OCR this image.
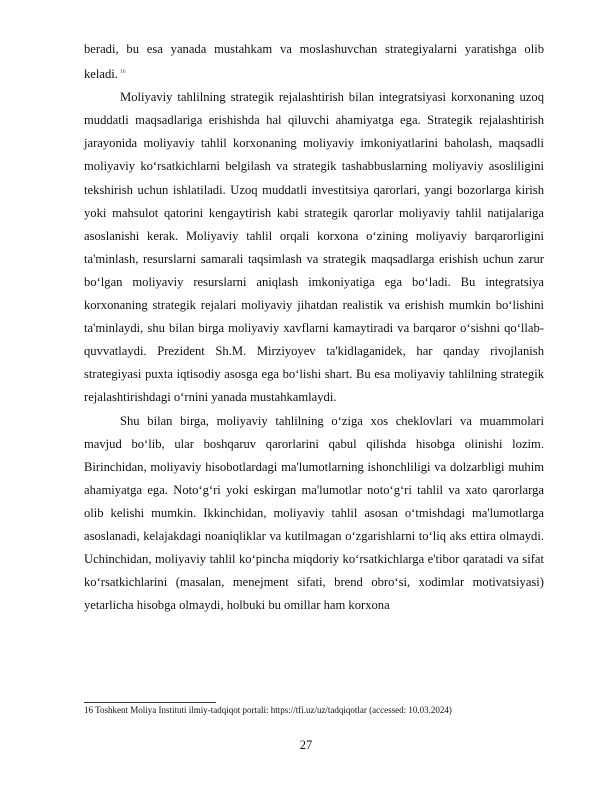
beradi, bu esa yanada mustahkam va moslashuvchan strategiyalarni yaratishga olib keladi. $^{16}$

Moliyaviy tahlilning strategik rejalashtirish bilan integratsiyasi korxonaning uzoq muddatli maqsadlariga erishishda hal qiluvchi ahamiyatga ega. Strategik rejalashtirish jarayonida moliyaviy tahlil korxonaning moliyaviy imkoniyatlarini baholash, maqsadli moliyaviy ko‘rsatkichlarni belgilash va strategik tashabbuslarning moliyaviy asosliligini tekshirish uchun ishlatiladi. Uzoq muddatli investitsiya qarorlari, yangi bozorlarga kirish yoki mahsulot qatorini kengaytirish kabi strategik qarorlar moliyaviy tahlil natijalariga asoslanishi kerak. Moliyaviy tahlil orqali korxona o‘zining moliyaviy barqarorligini ta'minlash, resurslarni samarali taqsimlash va strategik maqsadlarga erishish uchun zarur bo‘lgan moliyaviy resurslarni aniqlash imkoniyatiga ega bo‘ladi. Bu integratsiya korxonaning strategik rejalari moliyaviy jihatdan realistik va erishish mumkin bo‘lishini ta'minlaydi, shu bilan birga moliyaviy xavflarni kamaytiradi va barqaror o‘sishni qo‘llab-quvvatlaydi. Prezident Sh.M. Mirziyoyev ta'kidlaganidek, har qanday rivojlanish strategiyasi puxta iqtisodiy asosga ega bo‘lishi shart. Bu esa moliyaviy tahlilning strategik rejalashtirishdagi o‘rnini yanada mustahkamlaydi.

Shu bilan birga, moliyaviy tahlilning o‘ziga xos cheklovlari va muammolari mavjud bo‘lib, ular boshqaruv qarorlarini qabul qilishda hisobga olinishi lozim. Birinchidan, moliyaviy hisobotlardagi ma'lumotlarning ishonchliligi va dolzarbligi muhim ahamiyatga ega. Noto‘g‘ri yoki eskirgan ma'lumotlar noto‘g‘ri tahlil va xato qarorlarga olib kelishi mumkin. Ikkinchidan, moliyaviy tahlil asosan o‘tmishdagi ma'lumotlarga asoslanadi, kelajakdagi noaniqliklar va kutilmagan o‘zgarishlarni to‘liq aks ettira olmaydi. Uchinchidan, moliyaviy tahlil ko‘pincha miqdoriy ko‘rsatkichlarga e'tibor qaratadi va sifat ko‘rsatkichlarini (masalan, menejment sifati, brend obro‘si, xodimlar motivatsiyasi) yetarlicha hisobga olmaydi, holbuki bu omillar ham korxona

16 Toshkent Moliya Instituti ilmiy-tadqiqot portali: https://tfi.uz/uz/tadqiqotlar (accessed: 10.03.2024)
27
